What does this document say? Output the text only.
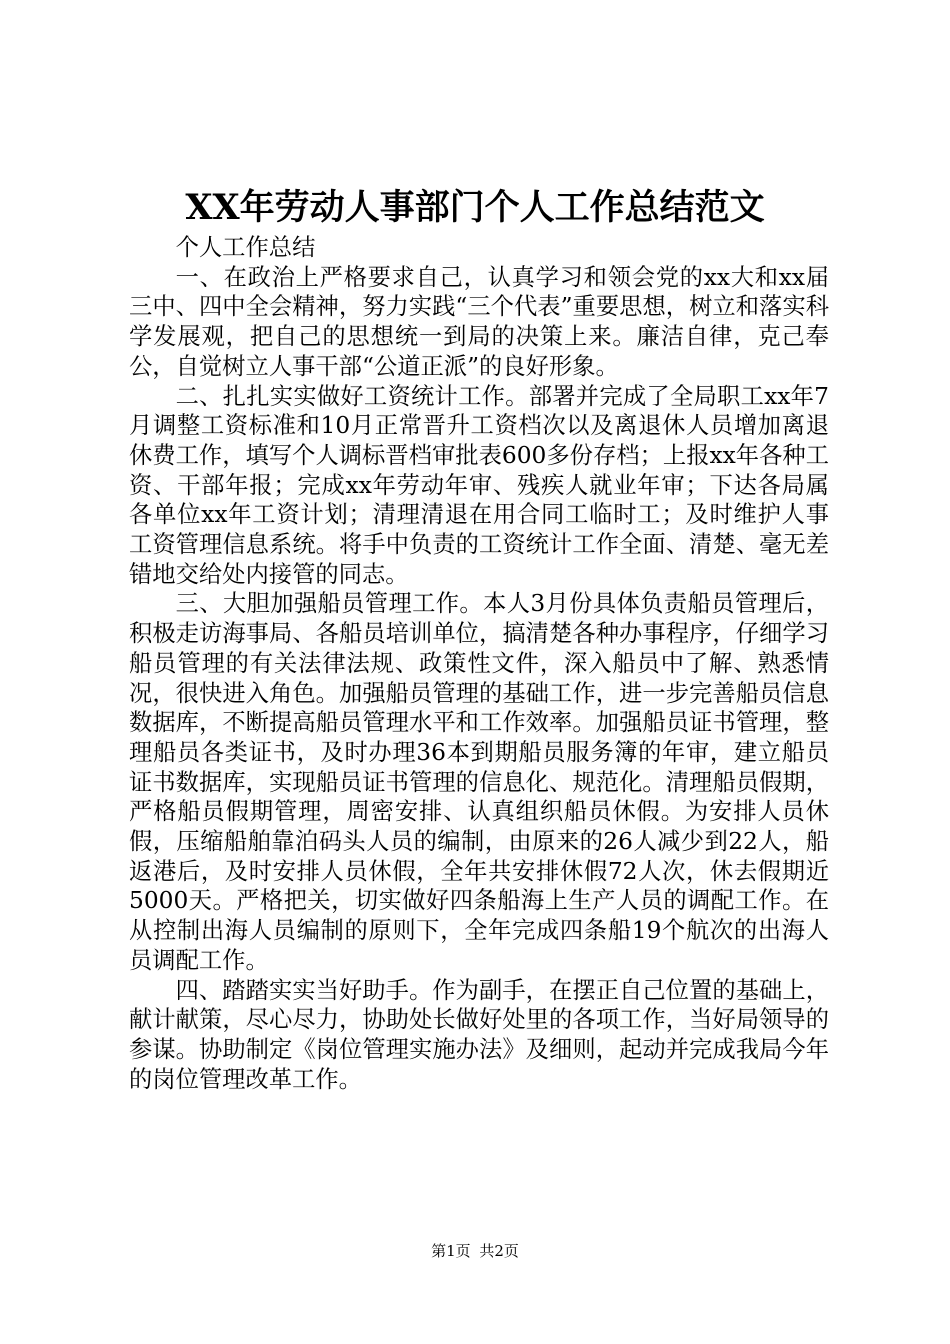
XX年劳动人事部门个人工作总结范文

个人工作总结

一、在政治上严格要求自己，认真学习和领会党的xx大和xx届三中、四中全会精神，努力实践“三个代表”重要思想，树立和落实科学发展观，把自己的思想统一到局的决策上来。廉洁自律，克己奉公，自觉树立人事干部“公道正派”的良好形象。

二、扎扎实实做好工资统计工作。部署并完成了全局职工xx年7月调整工资标准和10月正常晋升工资档次以及离退休人员增加离退休费工作，填写个人调标晋档审批表600多份存档；上报xx年各种工资、干部年报；完成xx年劳动年审、残疾人就业年审；下达各局属各单位xx年工资计划；清理清退在用合同工临时工；及时维护人事工资管理信息系统。将手中负责的工资统计工作全面、清楚、毫无差错地交给处内接管的同志。

三、大胆加强船员管理工作。本人3月份具体负责船员管理后，积极走访海事局、各船员培训单位，搞清楚各种办事程序，仔细学习船员管理的有关法律法规、政策性文件，深入船员中了解、熟悉情况，很快进入角色。加强船员管理的基础工作，进一步完善船员信息数据库，不断提高船员管理水平和工作效率。加强船员证书管理，整理船员各类证书，及时办理36本到期船员服务簿的年审，建立船员证书数据库，实现船员证书管理的信息化、规范化。清理船员假期，严格船员假期管理，周密安排、认真组织船员休假。为安排人员休假，压缩船舶靠泊码头人员的编制，由原来的26人减少到22人，船返港后，及时安排人员休假，全年共安排休假72人次，休去假期近5000天。严格把关，切实做好四条船海上生产人员的调配工作。在从控制出海人员编制的原则下，全年完成四条船19个航次的出海人员调配工作。

四、踏踏实实当好助手。作为副手，在摆正自己位置的基础上，献计献策，尽心尽力，协助处长做好处里的各项工作，当好局领导的参谋。协助制定《岗位管理实施办法》及细则，起动并完成我局今年的岗位管理改革工作。

第1页 共2页
